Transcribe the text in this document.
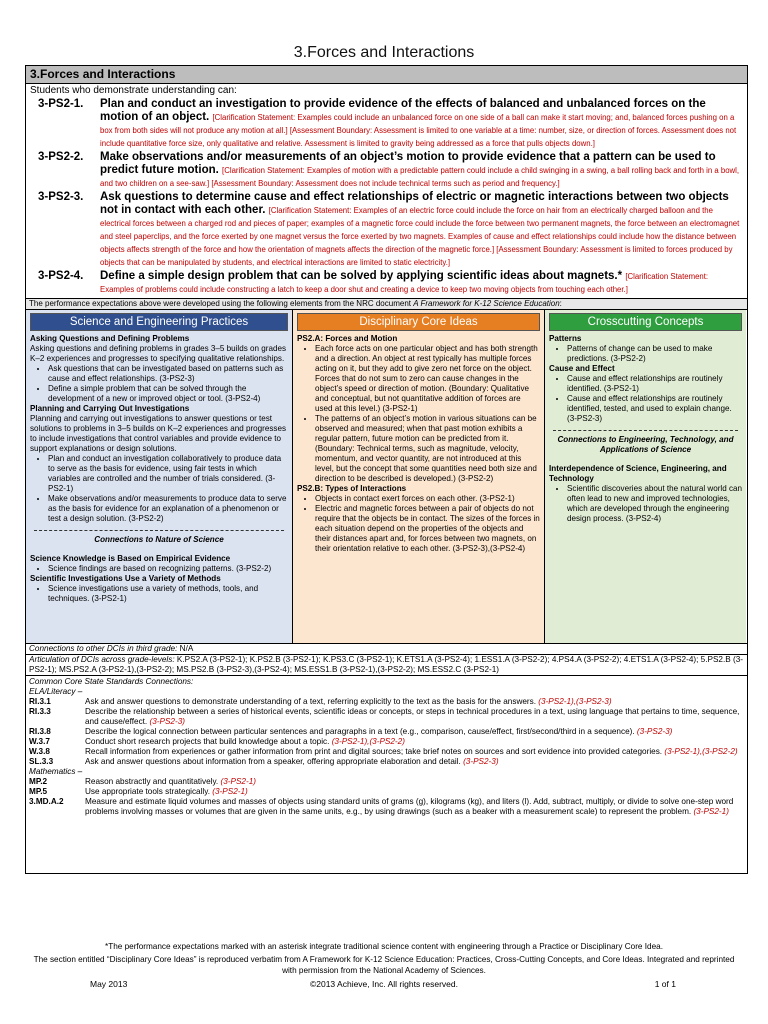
3.Forces and Interactions
3.Forces and Interactions
Students who demonstrate understanding can:
3-PS2-1.	Plan and conduct an investigation to provide evidence of the effects of balanced and unbalanced forces on the motion of an object. [Clarification Statement: Examples could include an unbalanced force on one side of a ball can make it start moving; and, balanced forces pushing on a box from both sides will not produce any motion at all.] [Assessment Boundary: Assessment is limited to one variable at a time: number, size, or direction of forces. Assessment does not include quantitative force size, only qualitative and relative. Assessment is limited to gravity being addressed as a force that pulls objects down.]
3-PS2-2.	Make observations and/or measurements of an object’s motion to provide evidence that a pattern can be used to predict future motion. [Clarification Statement: Examples of motion with a predictable pattern could include a child swinging in a swing, a ball rolling back and forth in a bowl, and two children on a see-saw.] [Assessment Boundary: Assessment does not include technical terms such as period and frequency.]
3-PS2-3.	Ask questions to determine cause and effect relationships of electric or magnetic interactions between two objects not in contact with each other. [Clarification Statement: Examples of an electric force could include the force on hair from an electrically charged balloon and the electrical forces between a charged rod and pieces of paper; examples of a magnetic force could include the force between two permanent magnets, the force between an electromagnet and steel paperclips, and the force exerted by one magnet versus the force exerted by two magnets. Examples of cause and effect relationships could include how the distance between objects affects strength of the force and how the orientation of magnets affects the direction of the magnetic force.] [Assessment Boundary: Assessment is limited to forces produced by objects that can be manipulated by students, and electrical interactions are limited to static electricity.]
3-PS2-4.	Define a simple design problem that can be solved by applying scientific ideas about magnets.* [Clarification Statement: Examples of problems could include constructing a latch to keep a door shut and creating a device to keep two moving objects from touching each other.]
The performance expectations above were developed using the following elements from the NRC document A Framework for K-12 Science Education:
Science and Engineering Practices
Asking Questions and Defining Problems
Asking questions and defining problems in grades 3–5 builds on grades K–2 experiences and progresses to specifying qualitative relationships.
• Ask questions that can be investigated based on patterns such as cause and effect relationships. (3-PS2-3)
• Define a simple problem that can be solved through the development of a new or improved object or tool. (3-PS2-4)
Planning and Carrying Out Investigations
Planning and carrying out investigations to answer questions or test solutions to problems in 3–5 builds on K–2 experiences and progresses to include investigations that control variables and provide evidence to support explanations or design solutions.
• Plan and conduct an investigation collaboratively to produce data to serve as the basis for evidence, using fair tests in which variables are controlled and the number of trials considered. (3-PS2-1)
• Make observations and/or measurements to produce data to serve as the basis for evidence for an explanation of a phenomenon or test a design solution. (3-PS2-2)
Connections to Nature of Science
Science Knowledge is Based on Empirical Evidence
• Science findings are based on recognizing patterns. (3-PS2-2)
Scientific Investigations Use a Variety of Methods
• Science investigations use a variety of methods, tools, and techniques. (3-PS2-1)
Disciplinary Core Ideas
PS2.A: Forces and Motion
• Each force acts on one particular object and has both strength and a direction. An object at rest typically has multiple forces acting on it, but they add to give zero net force on the object. Forces that do not sum to zero can cause changes in the object’s speed or direction of motion. (Boundary: Qualitative and conceptual, but not quantitative addition of forces are used at this level.) (3-PS2-1)
• The patterns of an object’s motion in various situations can be observed and measured; when that past motion exhibits a regular pattern, future motion can be predicted from it. (Boundary: Technical terms, such as magnitude, velocity, momentum, and vector quantity, are not introduced at this level, but the concept that some quantities need both size and direction to be described is developed.) (3-PS2-2)
PS2.B: Types of Interactions
• Objects in contact exert forces on each other. (3-PS2-1)
• Electric and magnetic forces between a pair of objects do not require that the objects be in contact. The sizes of the forces in each situation depend on the properties of the objects and their distances apart and, for forces between two magnets, on their orientation relative to each other. (3-PS2-3),(3-PS2-4)
Crosscutting Concepts
Patterns
• Patterns of change can be used to make predictions. (3-PS2-2)
Cause and Effect
• Cause and effect relationships are routinely identified. (3-PS2-1)
• Cause and effect relationships are routinely identified, tested, and used to explain change. (3-PS2-3)
Connections to Engineering, Technology, and Applications of Science
Interdependence of Science, Engineering, and Technology
• Scientific discoveries about the natural world can often lead to new and improved technologies, which are developed through the engineering design process. (3-PS2-4)
Connections to other DCIs in third grade: N/A
Articulation of DCIs across grade-levels: K.PS2.A (3-PS2-1); K.PS2.B (3-PS2-1); K.PS3.C (3-PS2-1); K.ETS1.A (3-PS2-4); 1.ESS1.A (3-PS2-2); 4.PS4.A (3-PS2-2); 4.ETS1.A (3-PS2-4); 5.PS2.B (3-PS2-1); MS.PS2.A (3-PS2-1),(3-PS2-2); MS.PS2.B (3-PS2-3),(3-PS2-4); MS.ESS1.B (3-PS2-1),(3-PS2-2); MS.ESS2.C (3-PS2-1)
Common Core State Standards Connections:
ELA/Literacy –
RI.3.1	Ask and answer questions to demonstrate understanding of a text, referring explicitly to the text as the basis for the answers. (3-PS2-1),(3-PS2-3)
RI.3.3	Describe the relationship between a series of historical events, scientific ideas or concepts, or steps in technical procedures in a text, using language that pertains to time, sequence, and cause/effect. (3-PS2-3)
RI.3.8	Describe the logical connection between particular sentences and paragraphs in a text (e.g., comparison, cause/effect, first/second/third in a sequence). (3-PS2-3)
W.3.7	Conduct short research projects that build knowledge about a topic. (3-PS2-1),(3-PS2-2)
W.3.8	Recall information from experiences or gather information from print and digital sources; take brief notes on sources and sort evidence into provided categories. (3-PS2-1),(3-PS2-2)
SL.3.3	Ask and answer questions about information from a speaker, offering appropriate elaboration and detail. (3-PS2-3)
Mathematics –
MP.2	Reason abstractly and quantitatively. (3-PS2-1)
MP.5	Use appropriate tools strategically. (3-PS2-1)
3.MD.A.2	Measure and estimate liquid volumes and masses of objects using standard units of grams (g), kilograms (kg), and liters (l). Add, subtract, multiply, or divide to solve one-step word problems involving masses or volumes that are given in the same units, e.g., by using drawings (such as a beaker with a measurement scale) to represent the problem. (3-PS2-1)
*The performance expectations marked with an asterisk integrate traditional science content with engineering through a Practice or Disciplinary Core Idea.
The section entitled “Disciplinary Core Ideas” is reproduced verbatim from A Framework for K-12 Science Education: Practices, Cross-Cutting Concepts, and Core Ideas. Integrated and reprinted with permission from the National Academy of Sciences.
May 2013	©2013 Achieve, Inc. All rights reserved.	1 of 1
